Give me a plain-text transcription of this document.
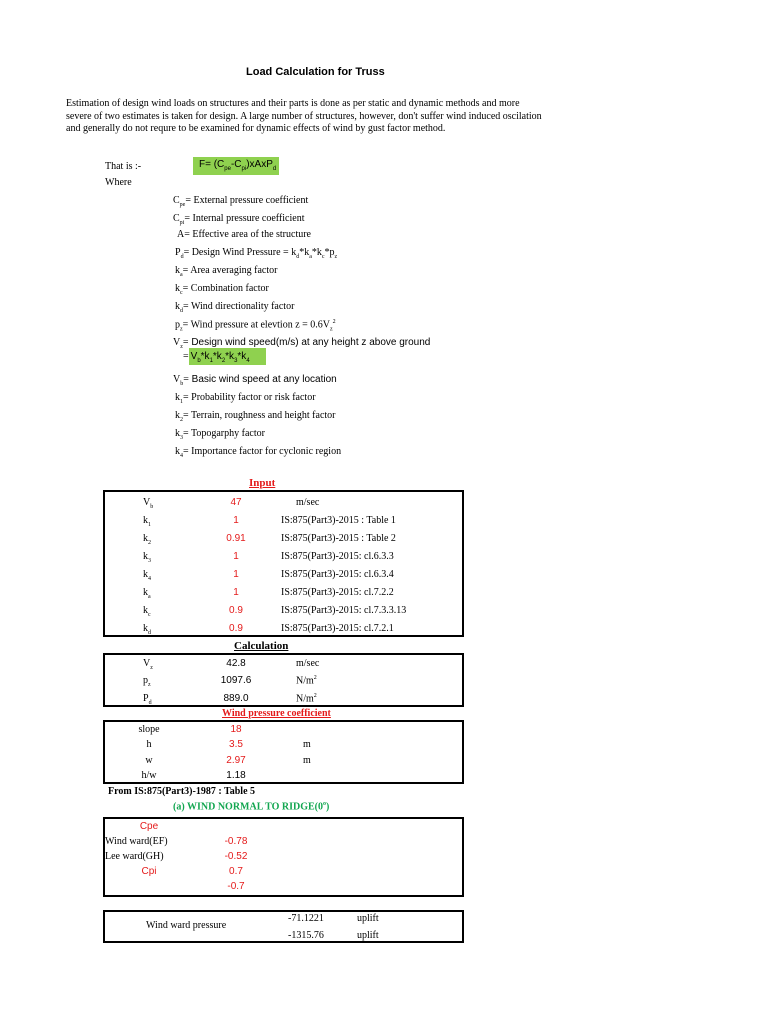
Load Calculation for Truss
Estimation of design wind loads on structures and their parts is done as per static and dynamic methods and more severe of two estimates is taken for design. A large number of structures, however, don't suffer wind induced oscilation and generally do not requre to be examined for dynamic effects of wind by gust factor method.
That is :-	$F= (C_{pe}-C_{pi})xAxP_d$
Where
$C_{pe}=$ External pressure coefficient
$C_{pi}=$ Internal pressure coefficient
A= Effective area of the structure
$P_d=$ Design Wind Pressure = $k_d*k_a*k_c*p_z$
$k_a=$ Area averaging factor
$k_c=$ Combination factor
$k_d=$ Wind directionality factor
$p_z=$ Wind pressure at elevtion $z = 0.6V_z^2$
$V_z=$ Design wind speed(m/s) at any height z above ground
= $V_b*k_1*k_2*k_3*k_4$
$V_b=$ Basic wind speed at any location
$k_1=$ Probability factor or risk factor
$k_2=$ Terrain, roughness and height factor
$k_3=$ Topogarphy factor
$k_4=$ Importance factor for cyclonic region
Input
$V_b$
$k_1$
$k_2$
$k_3$
$k_4$
$k_a$
$k_c$
$k_d$
47
1
0.91
1
1
1
0.9
0.9
m/sec
IS:875(Part3)-2015 : Table 1
IS:875(Part3)-2015 : Table 2
IS:875(Part3)-2015: cl.6.3.3
IS:875(Part3)-2015: cl.6.3.4
IS:875(Part3)-2015: cl.7.2.2
IS:875(Part3)-2015: cl.7.3.3.13
IS:875(Part3)-2015: cl.7.2.1
Calculation
$V_z$
$p_z$
$P_d$
42.8
1097.6
889.0
m/sec
$N/m^2$
$N/m^2$
Wind pressure coefficient
slope
h
w
h/w
18
3.5
2.97
1.18
m
m
From IS:875(Part3)-1987 : Table 5
(a) WIND NORMAL TO RIDGE(0$^o$)
Cpe
Wind ward(EF)
Lee ward(GH)
-0.78
-0.52
Cpi	0.7
-0.7
Wind ward pressure
-71.1221
-1315.76
uplift
uplift
